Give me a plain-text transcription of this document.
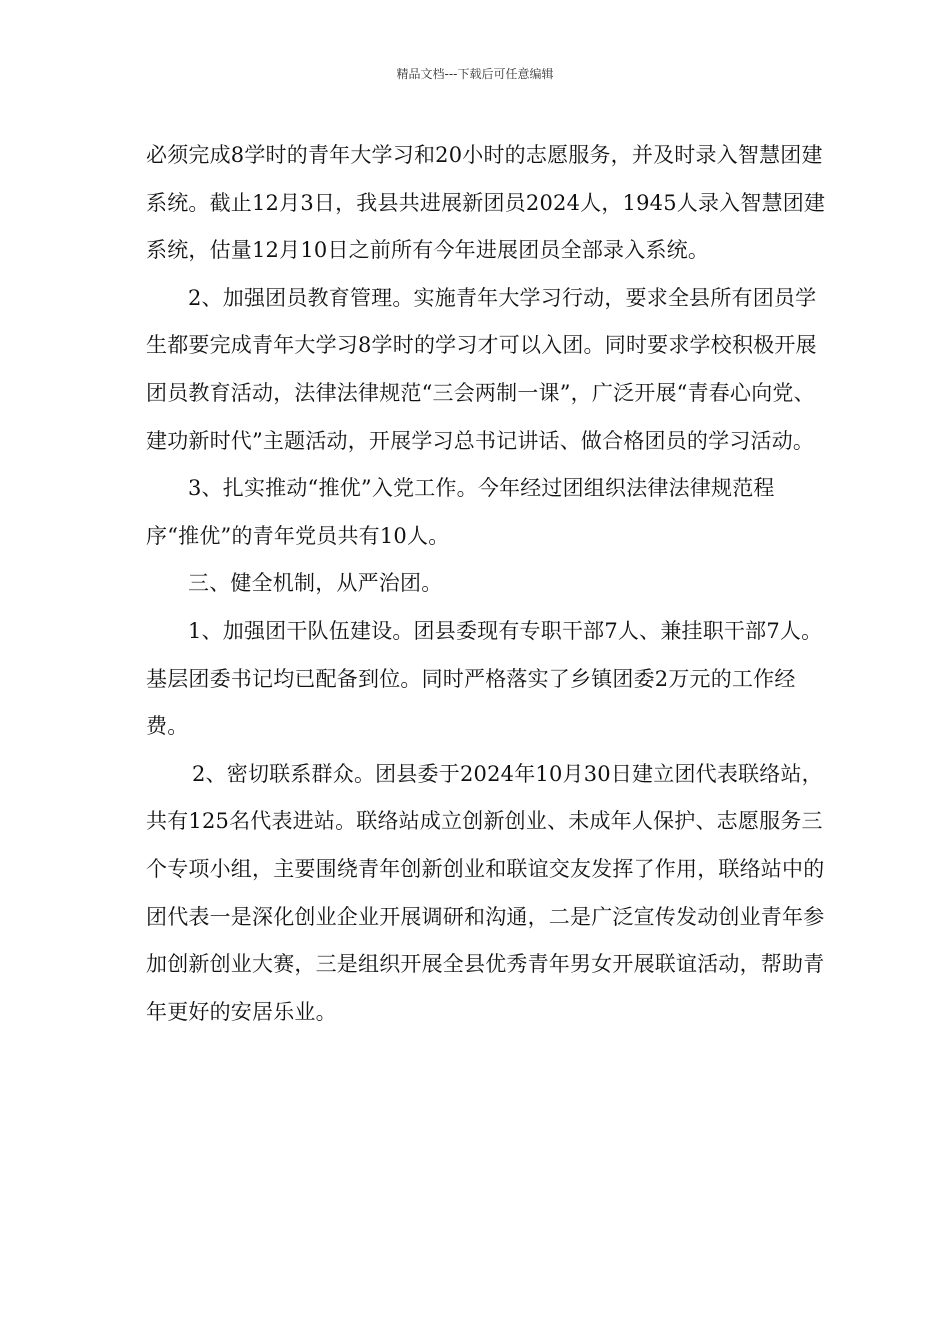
精品文档---下载后可任意编辑

必须完成8学时的青年大学习和20小时的志愿服务，并及时录入智慧团建系统。截止12月3日，我县共进展新团员2024人，1945人录入智慧团建系统，估量12月10日之前所有今年进展团员全部录入系统。

2、加强团员教育管理。实施青年大学习行动，要求全县所有团员学生都要完成青年大学习8学时的学习才可以入团。同时要求学校积极开展团员教育活动，法律法律规范“三会两制一课”，广泛开展“青春心向党、建功新时代”主题活动，开展学习总书记讲话、做合格团员的学习活动。

3、扎实推动“推优”入党工作。今年经过团组织法律法律规范程序“推优”的青年党员共有10人。

三、健全机制，从严治团。

1、加强团干队伍建设。团县委现有专职干部7人、兼挂职干部7人。基层团委书记均已配备到位。同时严格落实了乡镇团委2万元的工作经费。

2、密切联系群众。团县委于2024年10月30日建立团代表联络站，共有125名代表进站。联络站成立创新创业、未成年人保护、志愿服务三个专项小组，主要围绕青年创新创业和联谊交友发挥了作用，联络站中的团代表一是深化创业企业开展调研和沟通，二是广泛宣传发动创业青年参加创新创业大赛，三是组织开展全县优秀青年男女开展联谊活动，帮助青年更好的安居乐业。
